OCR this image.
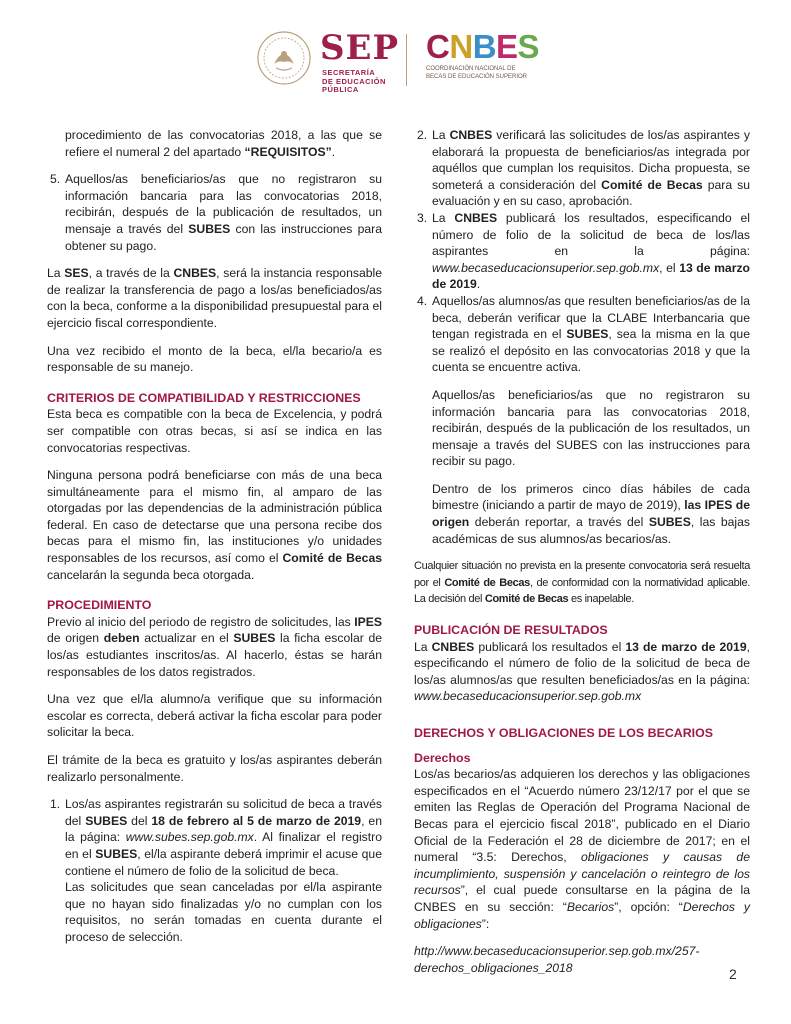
SEP
SECRETARÍA
DE EDUCACIÓN
PÚBLICA
CNBES
COORDINACIÓN NACIONAL DE
BECAS DE EDUCACIÓN SUPERIOR

procedimiento de las convocatorias 2018, a las que se refiere el numeral 2 del apartado “REQUISITOS”.

5. Aquellos/as beneficiarios/as que no registraron su información bancaria para las convocatorias 2018, recibirán, después de la publicación de resultados, un mensaje a través del SUBES con las instrucciones para obtener su pago.

La SES, a través de la CNBES, será la instancia responsable de realizar la transferencia de pago a los/as beneficiados/as con la beca, conforme a la disponibilidad presupuestal para el ejercicio fiscal correspondiente.

Una vez recibido el monto de la beca, el/la becario/a es responsable de su manejo.

CRITERIOS DE COMPATIBILIDAD Y RESTRICCIONES

Esta beca es compatible con la beca de Excelencia, y podrá ser compatible con otras becas, si así se indica en las convocatorias respectivas.

Ninguna persona podrá beneficiarse con más de una beca simultáneamente para el mismo fin, al amparo de las otorgadas por las dependencias de la administración pública federal. En caso de detectarse que una persona recibe dos becas para el mismo fin, las instituciones y/o unidades responsables de los recursos, así como el Comité de Becas cancelarán la segunda beca otorgada.

PROCEDIMIENTO

Previo al inicio del periodo de registro de solicitudes, las IPES de origen deben actualizar en el SUBES la ficha escolar de los/as estudiantes inscritos/as. Al hacerlo, éstas se harán responsables de los datos registrados.

Una vez que el/la alumno/a verifique que su información escolar es correcta, deberá activar la ficha escolar para poder solicitar la beca.

El trámite de la beca es gratuito y los/as aspirantes deberán realizarlo personalmente.

1. Los/as aspirantes registrarán su solicitud de beca a través del SUBES del 18 de febrero al 5 de marzo de 2019, en la página: www.subes.sep.gob.mx. Al finalizar el registro en el SUBES, el/la aspirante deberá imprimir el acuse que contiene el número de folio de la solicitud de beca.

Las solicitudes que sean canceladas por el/la aspirante que no hayan sido finalizadas y/o no cumplan con los requisitos, no serán tomadas en cuenta durante el proceso de selección.

2. La CNBES verificará las solicitudes de los/as aspirantes y elaborará la propuesta de beneficiarios/as integrada por aquéllos que cumplan los requisitos. Dicha propuesta, se someterá a consideración del Comité de Becas para su evaluación y en su caso, aprobación.
3. La CNBES publicará los resultados, especificando el número de folio de la solicitud de beca de los/las aspirantes en la página: www.becaseducacionsuperior.sep.gob.mx, el 13 de marzo de 2019.
4. Aquellos/as alumnos/as que resulten beneficiarios/as de la beca, deberán verificar que la CLABE Interbancaria que tengan registrada en el SUBES, sea la misma en la que se realizó el depósito en las convocatorias 2018 y que la cuenta se encuentre activa.

Aquellos/as beneficiarios/as que no registraron su información bancaria para las convocatorias 2018, recibirán, después de la publicación de los resultados, un mensaje a través del SUBES con las instrucciones para recibir su pago.

Dentro de los primeros cinco días hábiles de cada bimestre (iniciando a partir de mayo de 2019), las IPES de origen deberán reportar, a través del SUBES, las bajas académicas de sus alumnos/as becarios/as.

Cualquier situación no prevista en la presente convocatoria será resuelta por el Comité de Becas, de conformidad con la normatividad aplicable. La decisión del Comité de Becas es inapelable.

PUBLICACIÓN DE RESULTADOS

La CNBES publicará los resultados el 13 de marzo de 2019, especificando el número de folio de la solicitud de beca de los/as alumnos/as que resulten beneficiados/as en la página: www.becaseducacionsuperior.sep.gob.mx

DERECHOS Y OBLIGACIONES DE LOS BECARIOS
Derechos

Los/as becarios/as adquieren los derechos y las obligaciones especificados en el “Acuerdo número 23/12/17 por el que se emiten las Reglas de Operación del Programa Nacional de Becas para el ejercicio fiscal 2018”, publicado en el Diario Oficial de la Federación el 28 de diciembre de 2017; en el numeral “3.5: Derechos, obligaciones y causas de incumplimiento, suspensión y cancelación o reintegro de los recursos”, el cual puede consultarse en la página de la CNBES en su sección: “Becarios”, opción: “Derechos y obligaciones”:

http://www.becaseducacionsuperior.sep.gob.mx/257-derechos_obligaciones_2018	2
